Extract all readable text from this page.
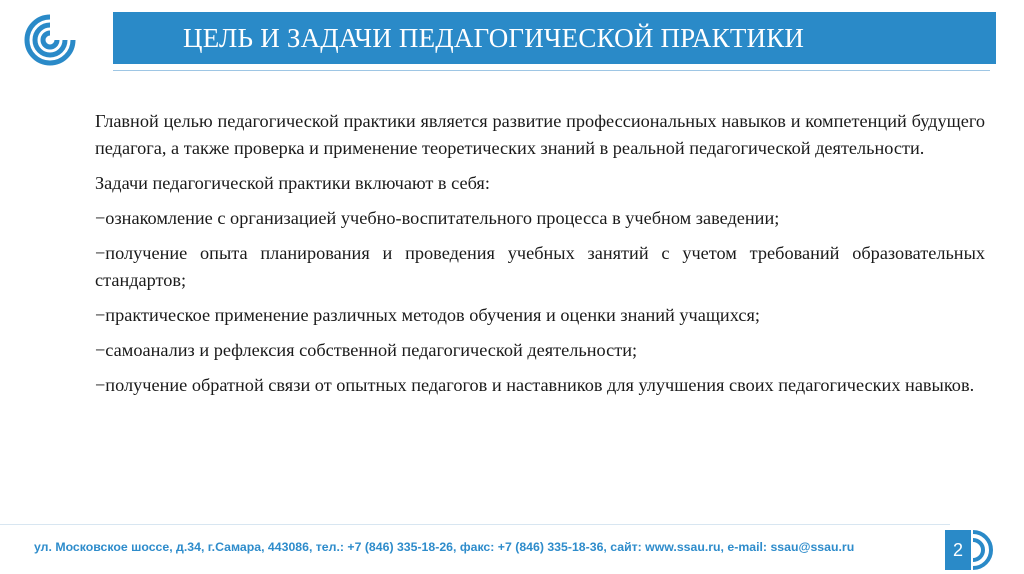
ЦЕЛЬ И ЗАДАЧИ ПЕДАГОГИЧЕСКОЙ ПРАКТИКИ

Главной целью педагогической практики является развитие профессиональных навыков и компетенций будущего педагога, а также проверка и применение теоретических знаний в реальной педагогической деятельности.

Задачи педагогической практики включают в себя:

−ознакомление с организацией учебно-воспитательного процесса в учебном заведении;

−получение опыта планирования и проведения учебных занятий с учетом требований образовательных стандартов;

−практическое применение различных методов обучения и оценки знаний учащихся;

−самоанализ и рефлексия собственной педагогической деятельности;

−получение обратной связи от опытных педагогов и наставников для улучшения своих педагогических навыков.

ул. Московское шоссе, д.34, г.Самара, 443086, тел.: +7 (846) 335-18-26, факс: +7 (846) 335-18-36, сайт: www.ssau.ru, e-mail: ssau@ssau.ru	2
